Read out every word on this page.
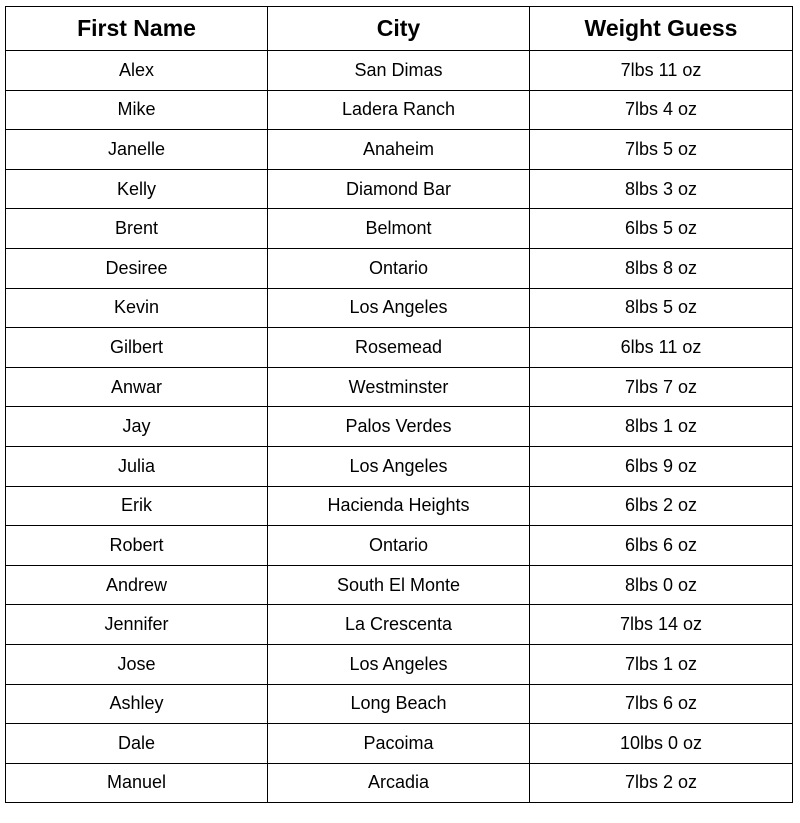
First Name	City	Weight Guess
Alex	San Dimas	7lbs 11 oz
Mike	Ladera Ranch	7lbs 4 oz
Janelle	Anaheim	7lbs 5 oz
Kelly	Diamond Bar	8lbs 3 oz
Brent	Belmont	6lbs 5 oz
Desiree	Ontario	8lbs 8 oz
Kevin	Los Angeles	8lbs 5 oz
Gilbert	Rosemead	6lbs 11 oz
Anwar	Westminster	7lbs 7 oz
Jay	Palos Verdes	8lbs 1 oz
Julia	Los Angeles	6lbs 9 oz
Erik	Hacienda Heights	6lbs 2 oz
Robert	Ontario	6lbs 6 oz
Andrew	South El Monte	8lbs 0 oz
Jennifer	La Crescenta	7lbs 14 oz
Jose	Los Angeles	7lbs 1 oz
Ashley	Long Beach	7lbs 6 oz
Dale	Pacoima	10lbs 0 oz
Manuel	Arcadia	7lbs 2 oz
